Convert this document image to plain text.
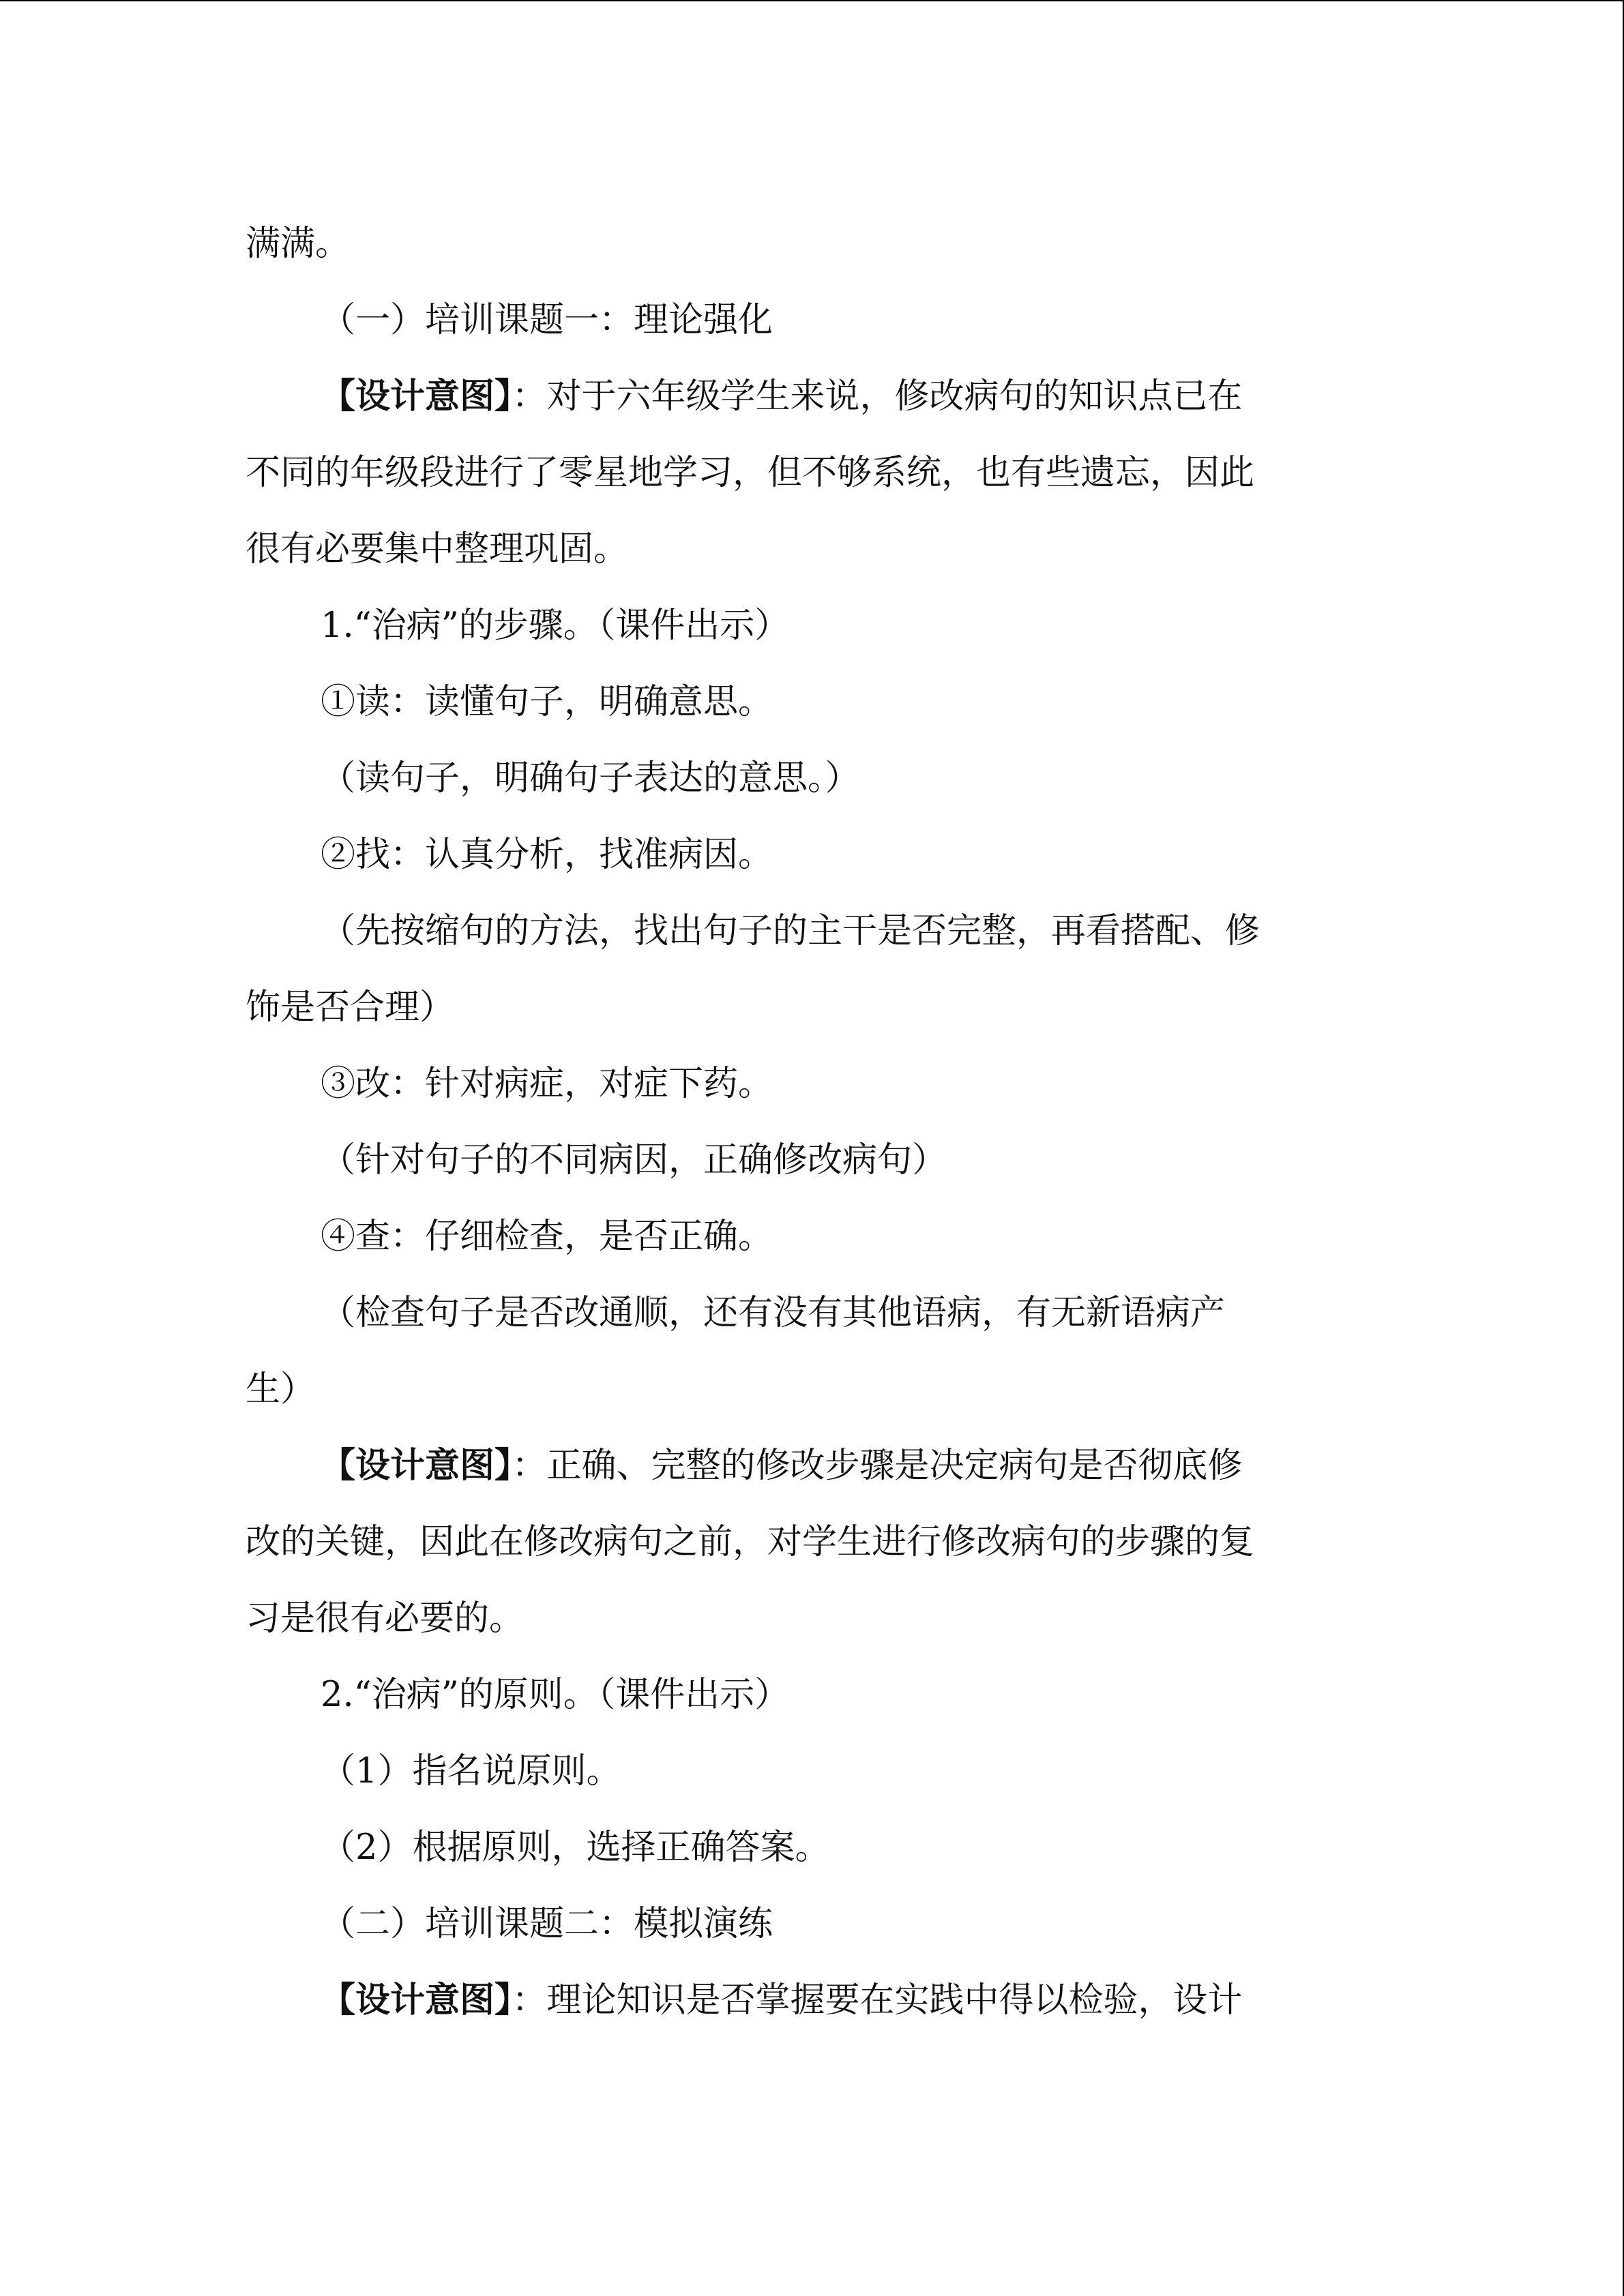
满满。

（一）培训课题一：理论强化

【设计意图】：对于六年级学生来说，修改病句的知识点已在

不同的年级段进行了零星地学习，但不够系统，也有些遗忘，因此

很有必要集中整理巩固。

1.“治病”的步骤。（课件出示）

①读：读懂句子，明确意思。

（读句子，明确句子表达的意思。）

②找：认真分析，找准病因。

（先按缩句的方法，找出句子的主干是否完整，再看搭配、修

饰是否合理）

③改：针对病症，对症下药。

（针对句子的不同病因，正确修改病句）

④查：仔细检查，是否正确。

（检查句子是否改通顺，还有没有其他语病，有无新语病产

生）

【设计意图】：正确、完整的修改步骤是决定病句是否彻底修

改的关键，因此在修改病句之前，对学生进行修改病句的步骤的复

习是很有必要的。

2.“治病”的原则。（课件出示）

（1）指名说原则。

（2）根据原则，选择正确答案。

（二）培训课题二：模拟演练

【设计意图】：理论知识是否掌握要在实践中得以检验，设计
